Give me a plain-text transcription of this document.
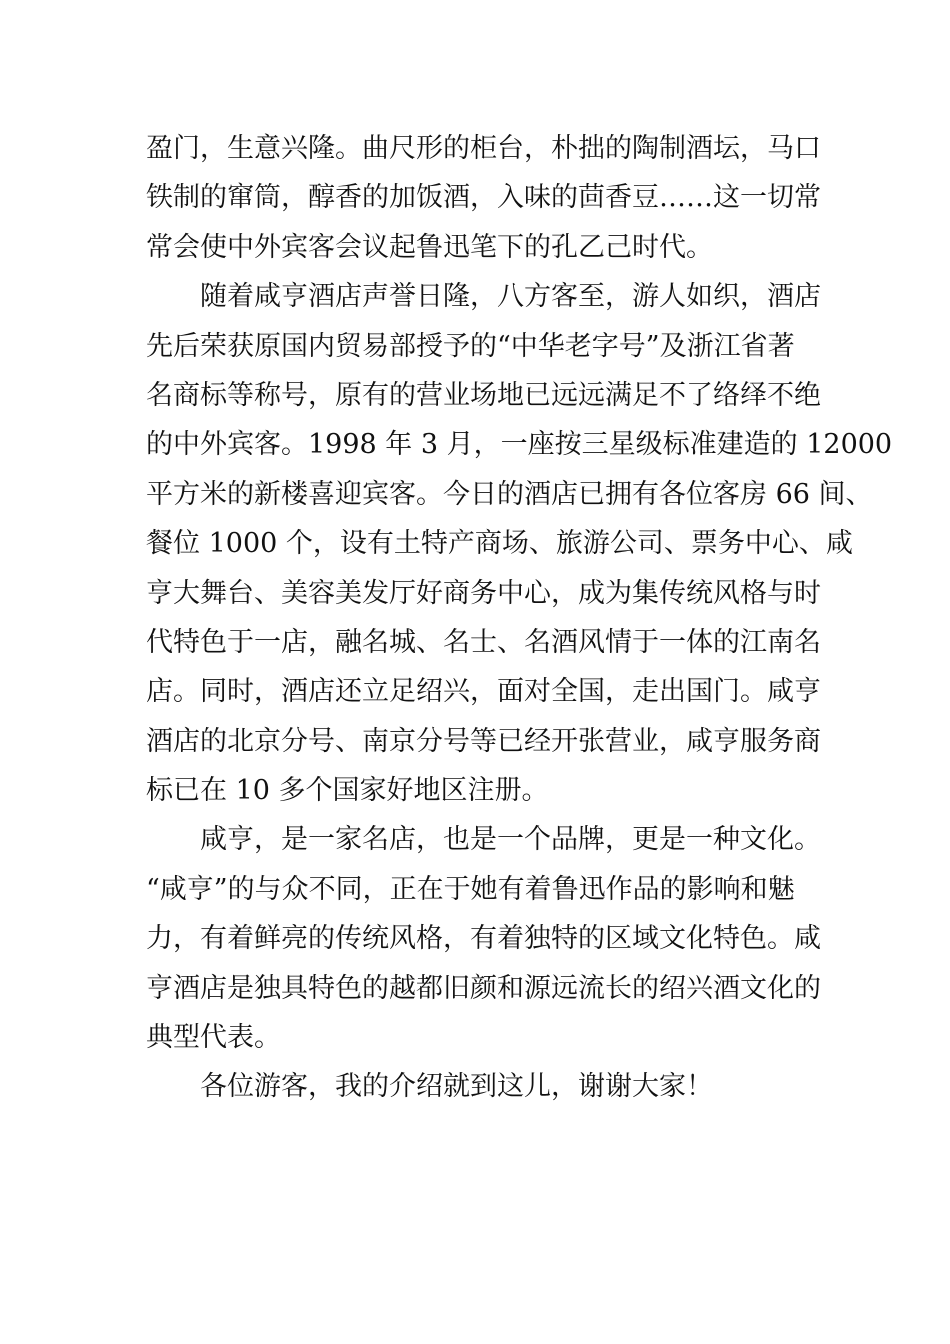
盈门，生意兴隆。曲尺形的柜台，朴拙的陶制酒坛，马口
铁制的窜筒，醇香的加饭酒，入味的茴香豆……这一切常
常会使中外宾客会议起鲁迅笔下的孔乙己时代。
随着咸亨酒店声誉日隆，八方客至，游人如织，酒店
先后荣获原国内贸易部授予的“中华老字号”及浙江省著
名商标等称号，原有的营业场地已远远满足不了络绎不绝
的中外宾客。1998 年 3 月，一座按三星级标准建造的 12000
平方米的新楼喜迎宾客。今日的酒店已拥有各位客房 66 间、
餐位 1000 个，设有土特产商场、旅游公司、票务中心、咸
亨大舞台、美容美发厅好商务中心，成为集传统风格与时
代特色于一店，融名城、名士、名酒风情于一体的江南名
店。同时，酒店还立足绍兴，面对全国，走出国门。咸亨
酒店的北京分号、南京分号等已经开张营业，咸亨服务商
标已在 10 多个国家好地区注册。
咸亨，是一家名店，也是一个品牌，更是一种文化。
“咸亨”的与众不同，正在于她有着鲁迅作品的影响和魅
力，有着鲜亮的传统风格，有着独特的区域文化特色。咸
亨酒店是独具特色的越都旧颜和源远流长的绍兴酒文化的
典型代表。
各位游客，我的介绍就到这儿，谢谢大家！
